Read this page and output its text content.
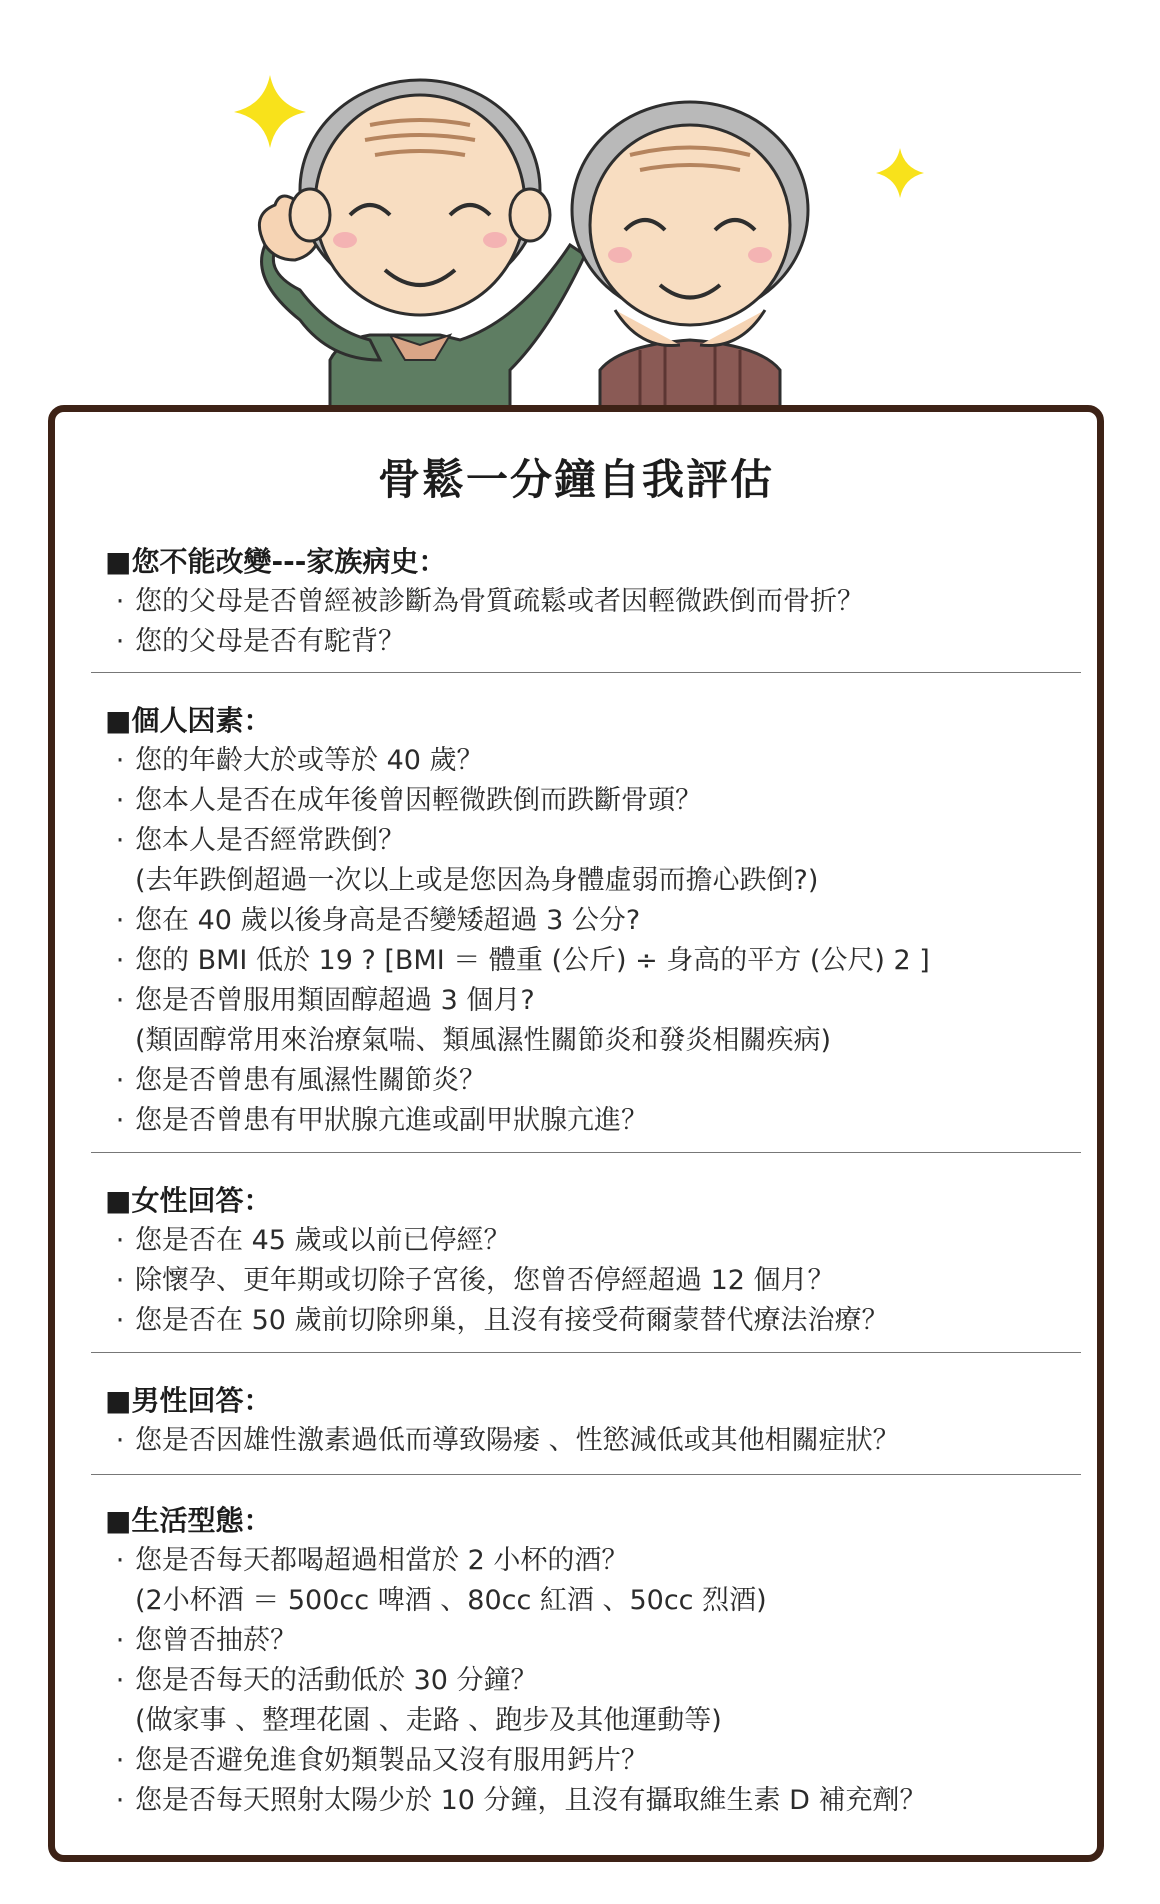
骨鬆一分鐘自我評估
■您不能改變---家族病史：
· 您的父母是否曾經被診斷為骨質疏鬆或者因輕微跌倒而骨折？
· 您的父母是否有駝背？
■個人因素：
· 您的年齡大於或等於 40 歲？
· 您本人是否在成年後曾因輕微跌倒而跌斷骨頭？
· 您本人是否經常跌倒？
(去年跌倒超過一次以上或是您因為身體虛弱而擔心跌倒?)
· 您在 40 歲以後身高是否變矮超過 3 公分?
· 您的 BMI 低於 19 ? [BMI ＝ 體重 (公斤) ÷ 身高的平方 (公尺) 2 ]
· 您是否曾服用類固醇超過 3 個月?
(類固醇常用來治療氣喘、類風濕性關節炎和發炎相關疾病)
· 您是否曾患有風濕性關節炎？
· 您是否曾患有甲狀腺亢進或副甲狀腺亢進？
■女性回答：
· 您是否在 45 歲或以前已停經？
· 除懷孕、更年期或切除子宮後，您曾否停經超過 12 個月？
· 您是否在 50 歲前切除卵巢，且沒有接受荷爾蒙替代療法治療？
■男性回答：
· 您是否因雄性激素過低而導致陽痿 、性慾減低或其他相關症狀？
■生活型態：
· 您是否每天都喝超過相當於 2 小杯的酒？
(2小杯酒 ＝ 500cc 啤酒 、80cc 紅酒 、50cc 烈酒)
· 您曾否抽菸？
· 您是否每天的活動低於 30 分鐘？
(做家事 、整理花園 、走路 、跑步及其他運動等)
· 您是否避免進食奶類製品又沒有服用鈣片？
· 您是否每天照射太陽少於 10 分鐘，且沒有攝取維生素 D 補充劑？
